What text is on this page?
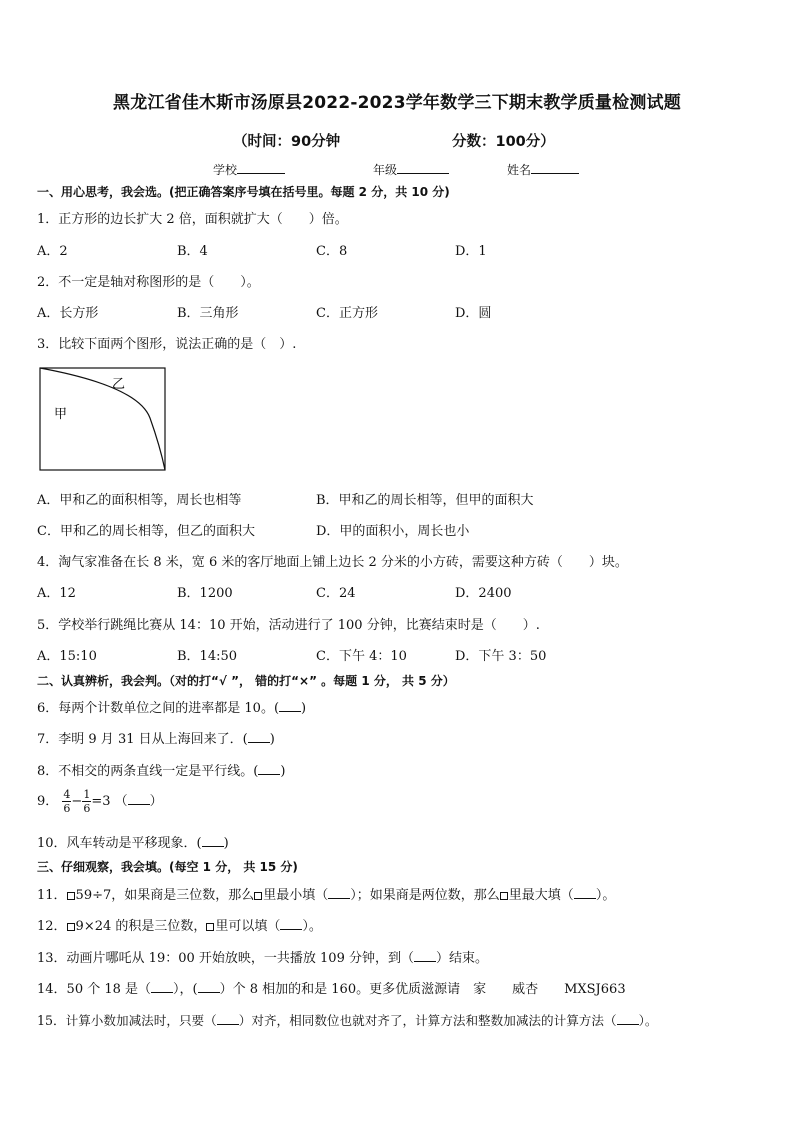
黑龙江省佳木斯市汤原县2022-2023学年数学三下期末教学质量检测试题
（时间：90分钟	分数：100分）
学校	年级	姓名
一、用心思考，我会选。(把正确答案序号填在括号里。每题 2 分，共 10 分)
1．正方形的边长扩大 2 倍，面积就扩大（　　）倍。
A．2	B．4	C．8	D．1
2．不一定是轴对称图形的是（　　）。
A．长方形	B．三角形	C．正方形	D．圆
3．比较下面两个图形，说法正确的是（　）.
甲
乙
A．甲和乙的面积相等，周长也相等	B．甲和乙的周长相等，但甲的面积大
C．甲和乙的周长相等，但乙的面积大	D．甲的面积小，周长也小
4．淘气家准备在长 8 米，宽 6 米的客厅地面上铺上边长 2 分米的小方砖，需要这种方砖（　　）块。
A．12	B．1200	C．24	D．2400
5．学校举行跳绳比赛从 14：10 开始，活动进行了 100 分钟，比赛结束时是（　　）.
A．15:10	B．14:50	C．下午 4：10	D．下午 3：50
二、认真辨析，我会判。（对的打“√ ”， 错的打“×” 。每题 1 分， 共 5 分）
6．每两个计数单位之间的进率都是 10。( )
7．李明 9 月 31 日从上海回来了．( )
8．不相交的两条直线一定是平行线。( )
9． $\frac{4}{6} - \frac{1}{6} =3$ （ ）
10．风车转动是平移现象．( )
三、仔细观察，我会填。(每空 1 分， 共 15 分)
11． 59÷7，如果商是三位数，那么 里最小填（ ）；如果商是两位数，那么 里最大填（ ）。
12． 9×24 的积是三位数， 里可以填（ ）。
13．动画片哪吒从 19：00 开始放映，一共播放 109 分钟，到（ ）结束。
14．50 个 18 是（ ），( ）个 8 相加的和是 160。更多优质滋源请　家　　威杏　　MXSJ663
15．计算小数加减法时，只要（ ）对齐，相同数位也就对齐了，计算方法和整数加减法的计算方法（ ）。
